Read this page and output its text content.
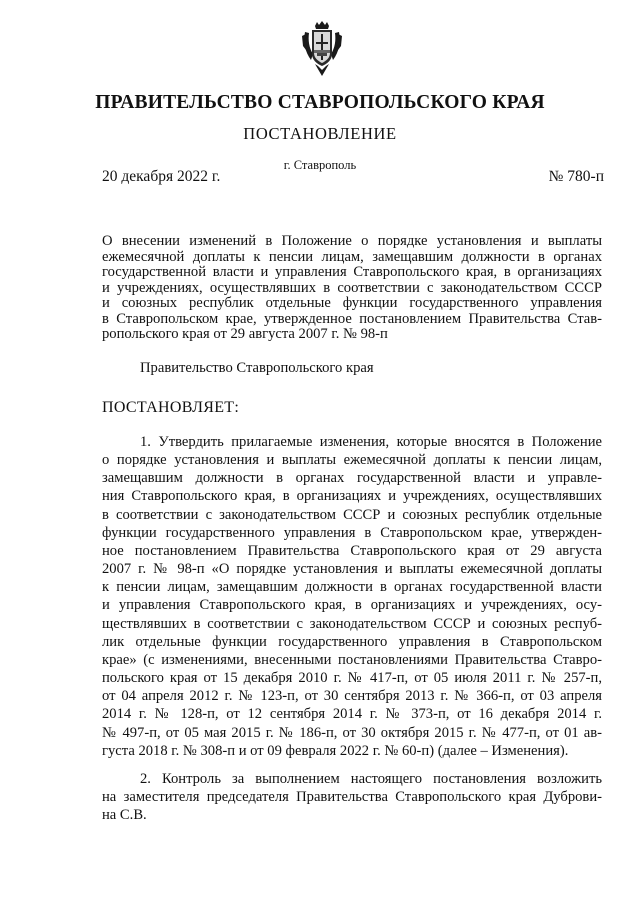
ПРАВИТЕЛЬСТВО СТАВРОПОЛЬСКОГО КРАЯ
ПОСТАНОВЛЕНИЕ
г. Ставрополь
20 декабря 2022 г.	№ 780-п
О внесении изменений в Положение о порядке установления и выплаты
ежемесячной доплаты к пенсии лицам, замещавшим должности в органах
государственной власти и управления Ставропольского края, в организациях
и учреждениях, осуществлявших в соответствии с законодательством СССР
и союзных республик отдельные функции государственного управления
в Ставропольском крае, утвержденное постановлением Правительства Став-
ропольского края от 29 августа 2007 г. № 98-п
Правительство Ставропольского края
ПОСТАНОВЛЯЕТ:
1. Утвердить прилагаемые изменения, которые вносятся в Положение
о порядке установления и выплаты ежемесячной доплаты к пенсии лицам,
замещавшим должности в органах государственной власти и управле-
ния Ставропольского края, в организациях и учреждениях, осуществлявших
в соответствии с законодательством СССР и союзных республик отдельные
функции государственного управления в Ставропольском крае, утвержден-
ное постановлением Правительства Ставропольского края от 29 августа
2007 г. № 98-п «О порядке установления и выплаты ежемесячной доплаты
к пенсии лицам, замещавшим должности в органах государственной власти
и управления Ставропольского края, в организациях и учреждениях, осу-
ществлявших в соответствии с законодательством СССР и союзных респуб-
лик отдельные функции государственного управления в Ставропольском
крае» (с изменениями, внесенными постановлениями Правительства Ставро-
польского края от 15 декабря 2010 г. № 417-п, от 05 июля 2011 г. № 257-п,
от 04 апреля 2012 г. № 123-п, от 30 сентября 2013 г. № 366-п, от 03 апреля
2014 г. № 128-п, от 12 сентября 2014 г. № 373-п, от 16 декабря 2014 г.
№ 497-п, от 05 мая 2015 г. № 186-п, от 30 октября 2015 г. № 477-п, от 01 ав-
густа 2018 г. № 308-п и от 09 февраля 2022 г. № 60-п) (далее – Изменения).
2. Контроль за выполнением настоящего постановления возложить
на заместителя председателя Правительства Ставропольского края Дуброви-
на С.В.
